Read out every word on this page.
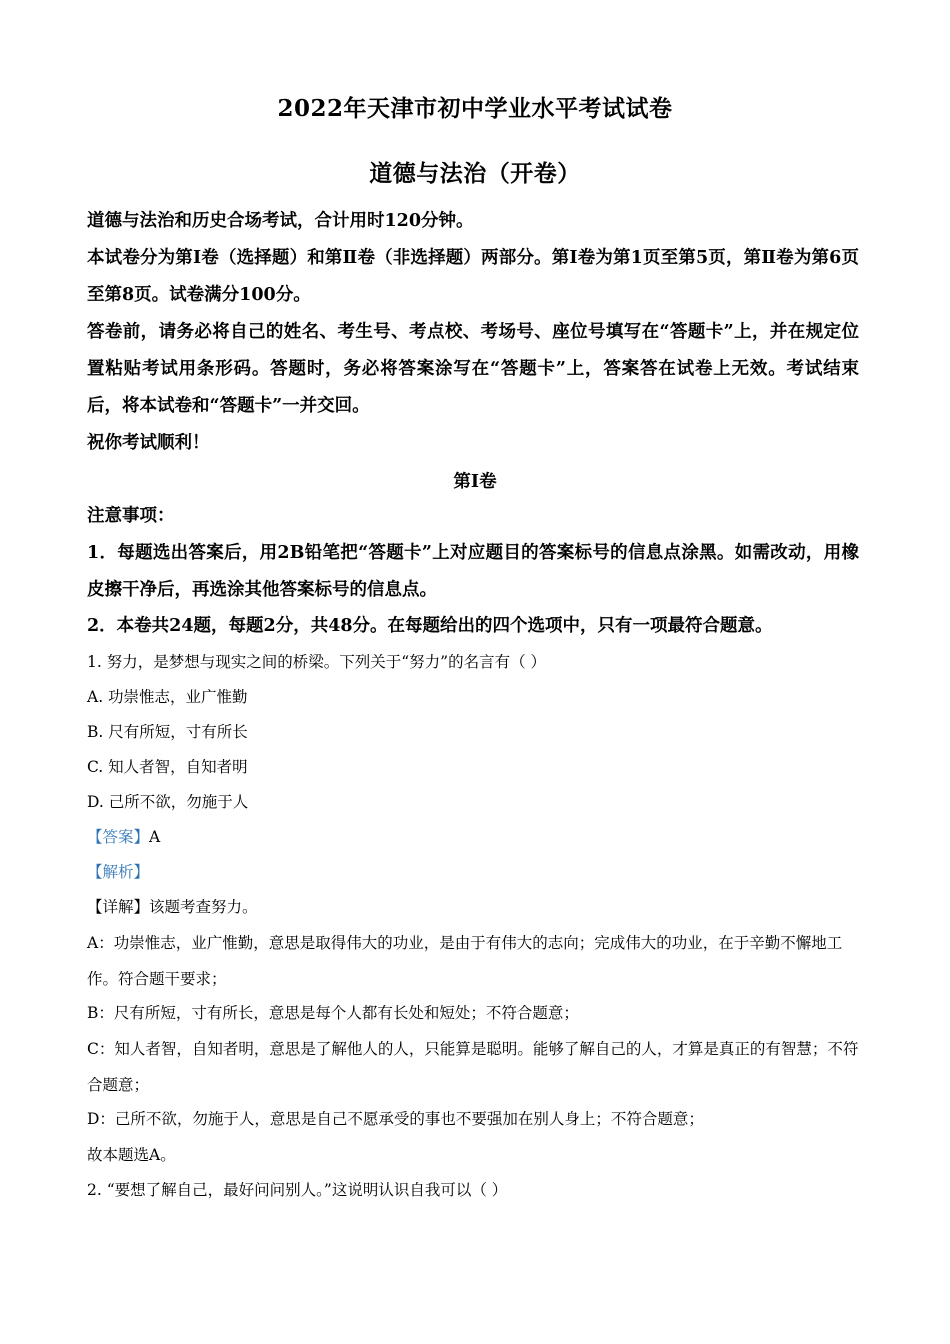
2022年天津市初中学业水平考试试卷
道德与法治（开卷）
道德与法治和历史合场考试，合计用时120分钟。
本试卷分为第Ⅰ卷（选择题）和第Ⅱ卷（非选择题）两部分。第Ⅰ卷为第1页至第5页，第Ⅱ卷为第6页至第8页。试卷满分100分。
答卷前，请务必将自己的姓名、考生号、考点校、考场号、座位号填写在“答题卡”上，并在规定位置粘贴考试用条形码。答题时，务必将答案涂写在“答题卡”上，答案答在试卷上无效。考试结束后，将本试卷和“答题卡”一并交回。
祝你考试顺利！
第Ⅰ卷
注意事项：
1．每题选出答案后，用2B铅笔把“答题卡”上对应题目的答案标号的信息点涂黑。如需改动，用橡皮擦干净后，再选涂其他答案标号的信息点。
2．本卷共24题，每题2分，共48分。在每题给出的四个选项中，只有一项最符合题意。
1. 努力，是梦想与现实之间的桥梁。下列关于“努力”的名言有（ ）
A. 功崇惟志，业广惟勤
B. 尺有所短，寸有所长
C. 知人者智，自知者明
D. 己所不欲，勿施于人
【答案】A
【解析】
【详解】该题考查努力。
A：功崇惟志，业广惟勤，意思是取得伟大的功业，是由于有伟大的志向；完成伟大的功业，在于辛勤不懈地工作。符合题干要求；
B：尺有所短，寸有所长，意思是每个人都有长处和短处；不符合题意；
C：知人者智，自知者明，意思是了解他人的人，只能算是聪明。能够了解自己的人，才算是真正的有智慧；不符合题意；
D：己所不欲，勿施于人，意思是自己不愿承受的事也不要强加在别人身上；不符合题意；
故本题选A。
2. “要想了解自己，最好问问别人。”这说明认识自我可以（ ）
